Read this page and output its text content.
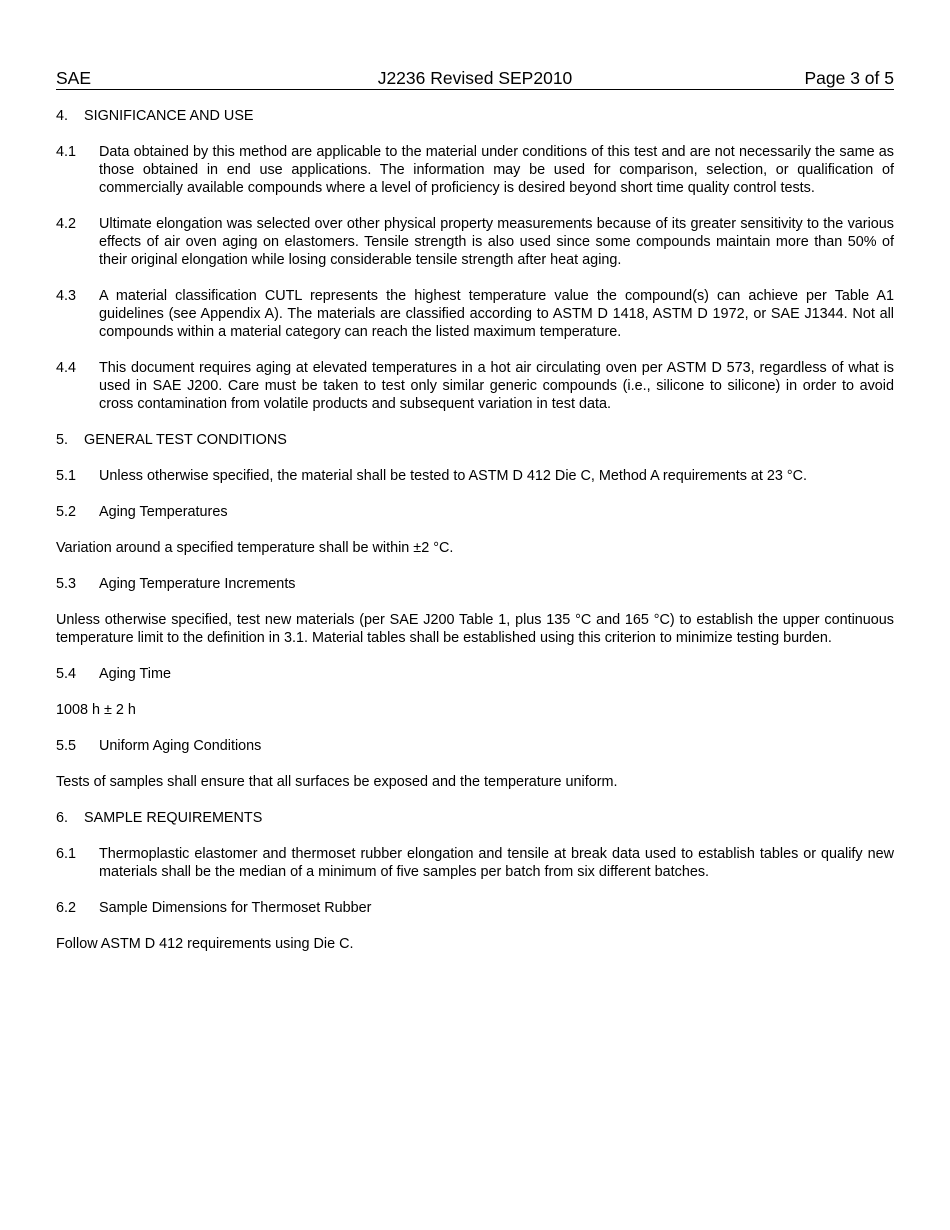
SAE	J2236 Revised SEP2010	Page 3 of 5
4.	SIGNIFICANCE AND USE
4.1	Data obtained by this method are applicable to the material under conditions of this test and are not necessarily the same as those obtained in end use applications. The information may be used for comparison, selection, or qualification of commercially available compounds where a level of proficiency is desired beyond short time quality control tests.
4.2	Ultimate elongation was selected over other physical property measurements because of its greater sensitivity to the various effects of air oven aging on elastomers. Tensile strength is also used since some compounds maintain more than 50% of their original elongation while losing considerable tensile strength after heat aging.
4.3	A material classification CUTL represents the highest temperature value the compound(s) can achieve per Table A1 guidelines (see Appendix A). The materials are classified according to ASTM D 1418, ASTM D 1972, or SAE J1344. Not all compounds within a material category can reach the listed maximum temperature.
4.4	This document requires aging at elevated temperatures in a hot air circulating oven per ASTM D 573, regardless of what is used in SAE J200. Care must be taken to test only similar generic compounds (i.e., silicone to silicone) in order to avoid cross contamination from volatile products and subsequent variation in test data.
5.	GENERAL TEST CONDITIONS
5.1	Unless otherwise specified, the material shall be tested to ASTM D 412 Die C, Method A requirements at 23 °C.
5.2	Aging Temperatures
Variation around a specified temperature shall be within ±2 °C.
5.3	Aging Temperature Increments
Unless otherwise specified, test new materials (per SAE J200 Table 1, plus 135 °C and 165 °C) to establish the upper continuous temperature limit to the definition in 3.1. Material tables shall be established using this criterion to minimize testing burden.
5.4	Aging Time
1008 h ± 2 h
5.5	Uniform Aging Conditions
Tests of samples shall ensure that all surfaces be exposed and the temperature uniform.
6.	SAMPLE REQUIREMENTS
6.1	Thermoplastic elastomer and thermoset rubber elongation and tensile at break data used to establish tables or qualify new materials shall be the median of a minimum of five samples per batch from six different batches.
6.2	Sample Dimensions for Thermoset Rubber
Follow ASTM D 412 requirements using Die C.
